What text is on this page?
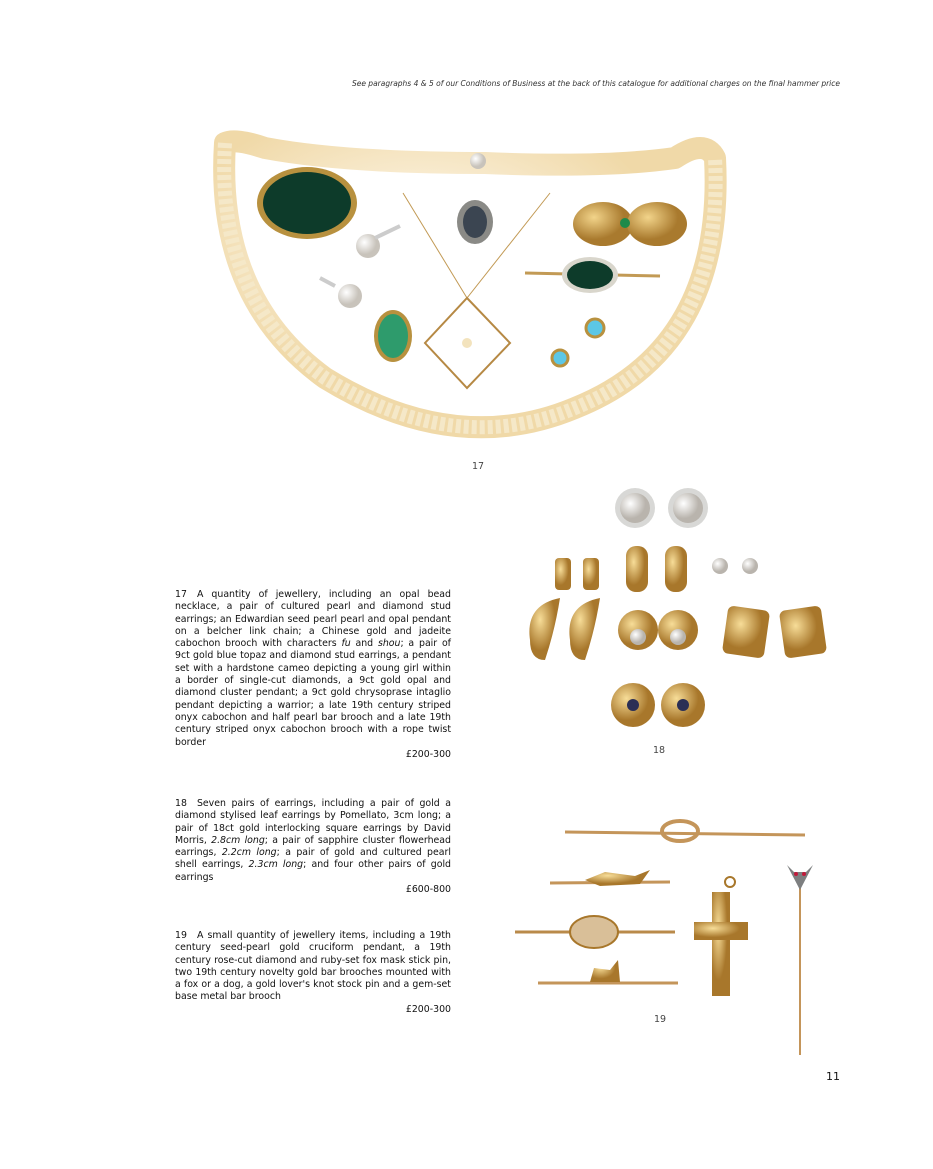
See paragraphs 4 & 5 of our Conditions of Business at the back of this catalogue for additional charges on the final hammer price
17
18
19
17 A quantity of jewellery, including an opal bead necklace, a pair of cultured pearl and diamond stud earrings; an Edwardian seed pearl pearl and opal pendant on a belcher link chain; a Chinese gold and jadeite cabochon brooch with characters fu and shou; a pair of 9ct gold blue topaz and diamond stud earrings, a pendant set with a hardstone cameo depicting a young girl within a border of single-cut diamonds, a 9ct gold opal and diamond cluster pendant; a 9ct gold chrysoprase intaglio pendant depicting a warrior; a late 19th century striped onyx cabochon and half pearl bar brooch and a late 19th century striped onyx cabochon brooch with a rope twist border
£200-300
18 Seven pairs of earrings, including a pair of gold a diamond stylised leaf earrings by Pomellato, 3cm long; a pair of 18ct gold interlocking square earrings by David Morris, 2.8cm long; a pair of sapphire cluster flowerhead earrings, 2.2cm long; a pair of gold and cultured pearl shell earrings, 2.3cm long; and four other pairs of gold earrings
£600-800
19 A small quantity of jewellery items, including a 19th century seed-pearl gold cruciform pendant, a 19th century rose-cut diamond and ruby-set fox mask stick pin, two 19th century novelty gold bar brooches mounted with a fox or a dog, a gold lover's knot stock pin and a gem-set base metal bar brooch
£200-300
11
